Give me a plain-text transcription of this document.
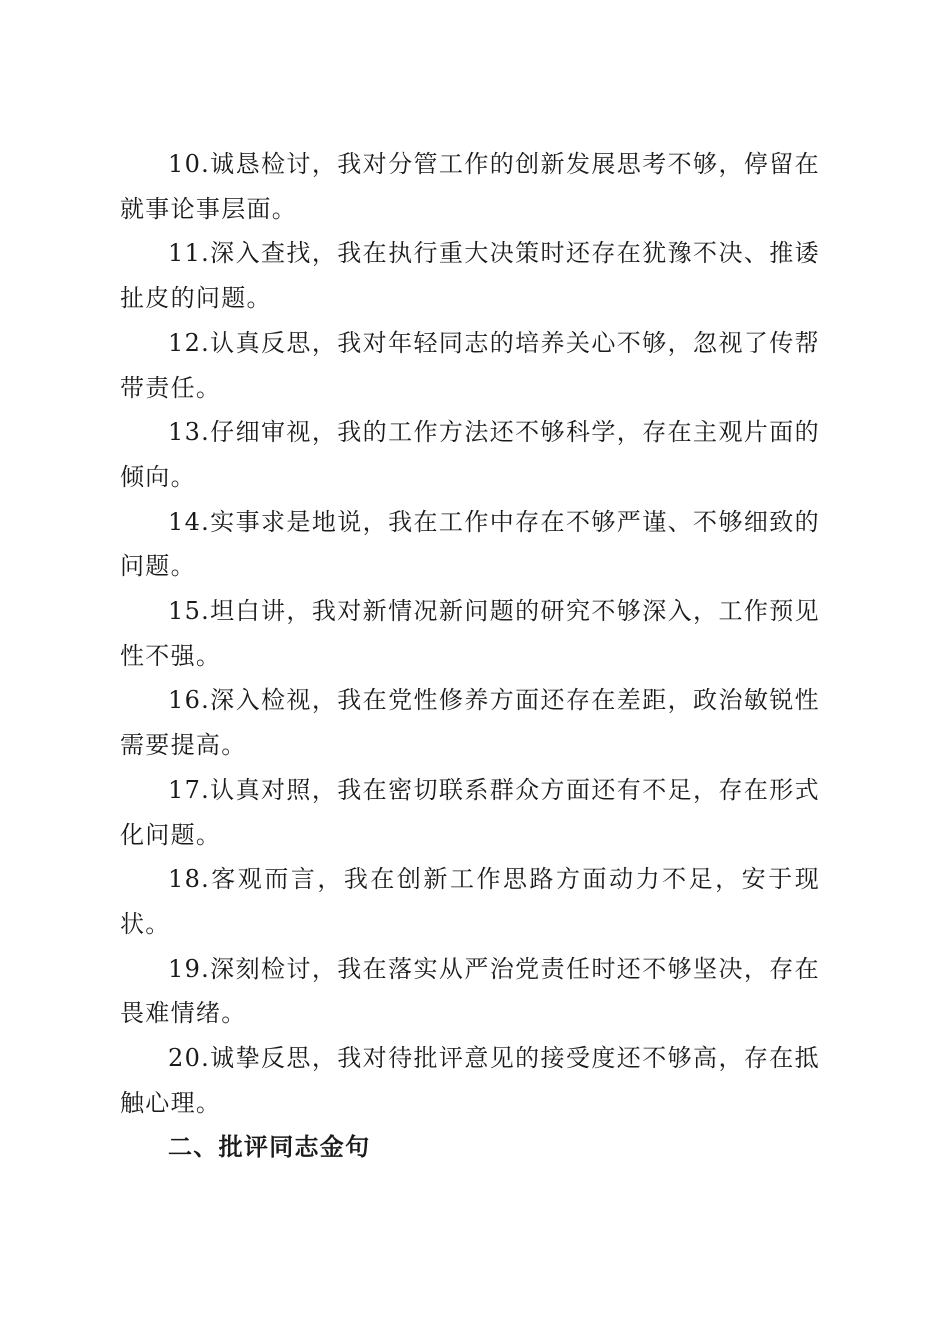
10.诚恳检讨，我对分管工作的创新发展思考不够，停留在就事论事层面。

11.深入查找，我在执行重大决策时还存在犹豫不决、推诿扯皮的问题。

12.认真反思，我对年轻同志的培养关心不够，忽视了传帮带责任。

13.仔细审视，我的工作方法还不够科学，存在主观片面的倾向。

14.实事求是地说，我在工作中存在不够严谨、不够细致的问题。

15.坦白讲，我对新情况新问题的研究不够深入，工作预见性不强。

16.深入检视，我在党性修养方面还存在差距，政治敏锐性需要提高。

17.认真对照，我在密切联系群众方面还有不足，存在形式化问题。

18.客观而言，我在创新工作思路方面动力不足，安于现状。

19.深刻检讨，我在落实从严治党责任时还不够坚决，存在畏难情绪。

20.诚挚反思，我对待批评意见的接受度还不够高，存在抵触心理。

二、批评同志金句
